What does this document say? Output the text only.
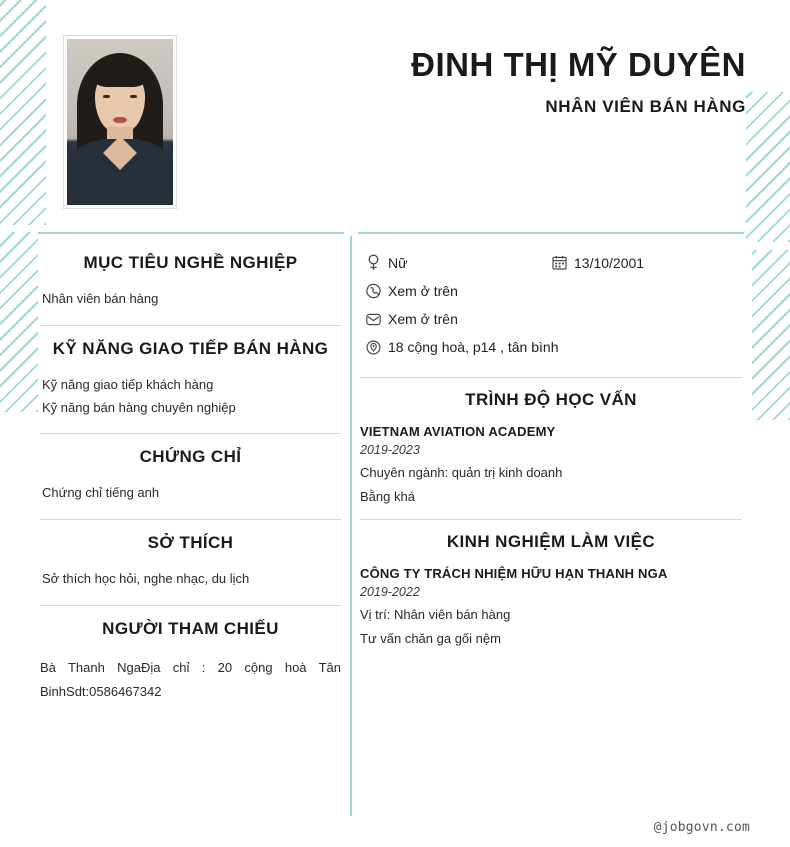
ĐINH THỊ MỸ DUYÊN
NHÂN VIÊN BÁN HÀNG
MỤC TIÊU NGHỀ NGHIỆP

Nhân viên bán hàng

KỸ NĂNG GIAO TIẾP BÁN HÀNG

Kỹ năng giao tiếp khách hàng

Kỹ năng bán hàng chuyên nghiệp

CHỨNG CHỈ

Chứng chỉ tiếng anh

SỞ THÍCH

Sở thích học hỏi, nghe nhạc, du lịch

NGƯỜI THAM CHIẾU
Bà Thanh NgaĐịa chỉ : 20 cộng hoà Tân BinhSdt:0586467342
Nữ	13/10/2001
Xem ở trên
Xem ở trên
18 cộng hoà, p14 , tân bình
TRÌNH ĐỘ HỌC VẤN
VIETNAM AVIATION ACADEMY
2019-2023
Chuyên ngành: quản trị kinh doanh
Bằng khá
KINH NGHIỆM LÀM VIỆC
CÔNG TY TRÁCH NHIỆM HỮU HẠN THANH NGA
2019-2022
Vị trí: Nhân viên bán hàng
Tư vấn chăn ga gối nệm
@jobgovn.com
